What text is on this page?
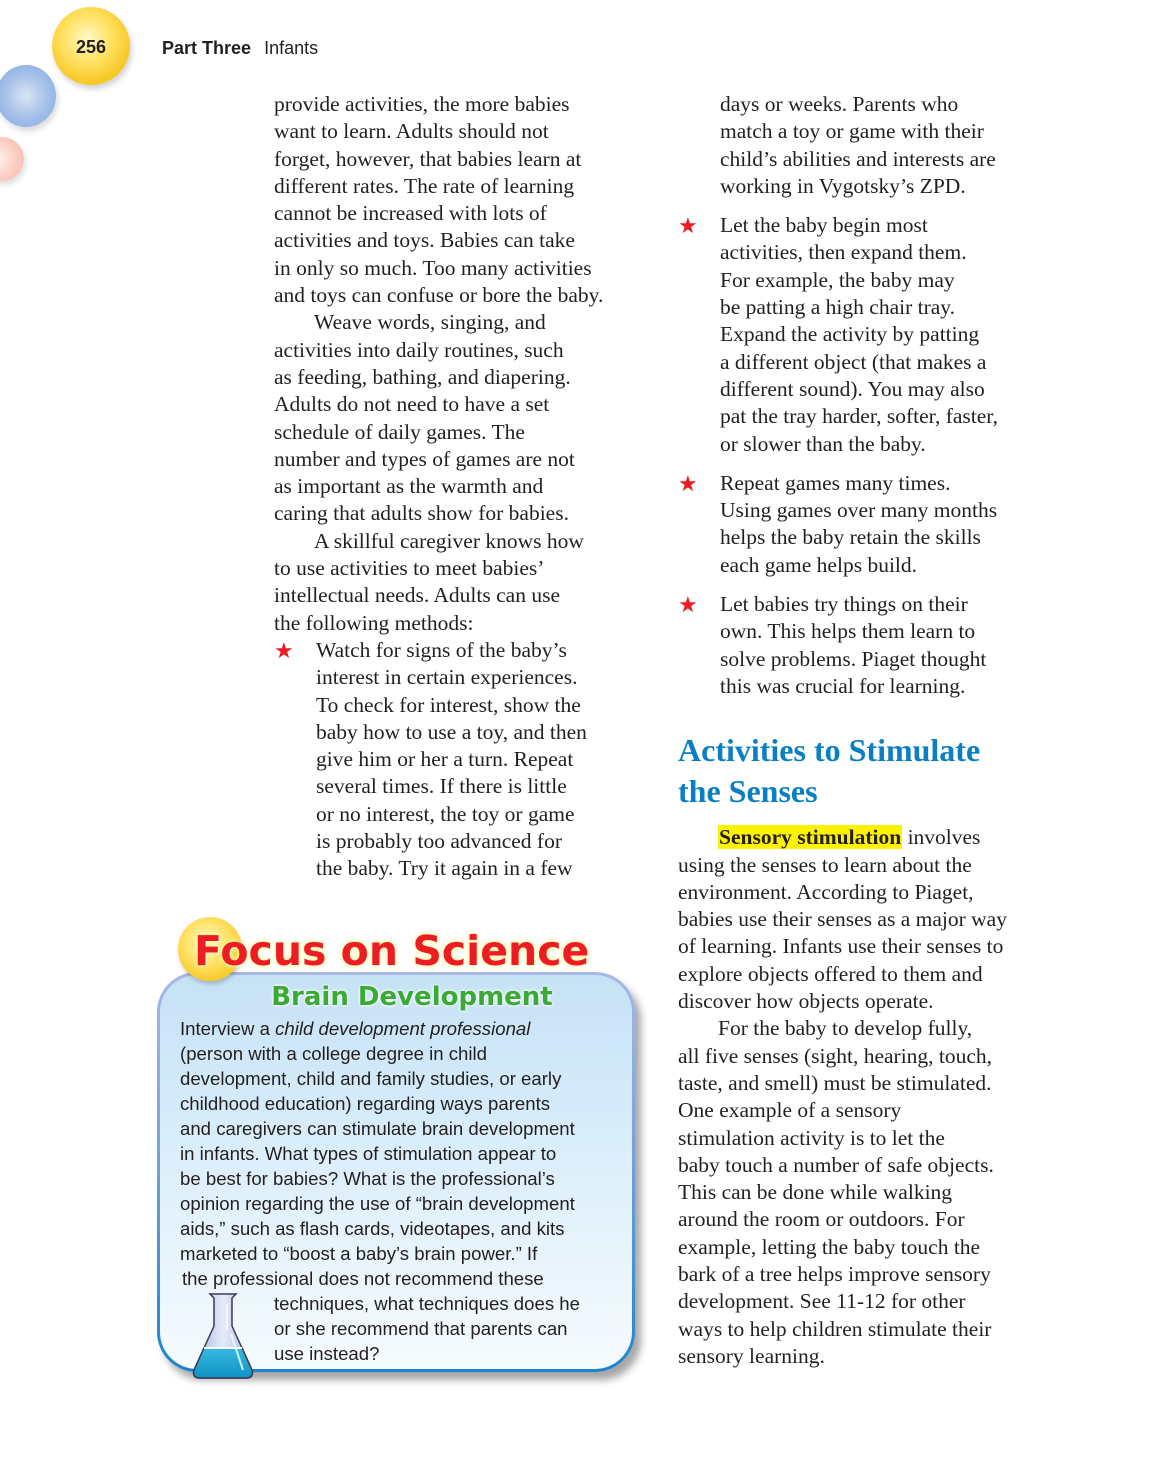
256	Part Three Infants

provide activities, the more babies
want to learn. Adults should not
forget, however, that babies learn at
different rates. The rate of learning
cannot be increased with lots of
activities and toys. Babies can take
in only so much. Too many activities
and toys can confuse or bore the baby.

Weave words, singing, and
activities into daily routines, such
as feeding, bathing, and diapering.
Adults do not need to have a set
schedule of daily games. The
number and types of games are not
as important as the warmth and
caring that adults show for babies.

A skillful caregiver knows how
to use activities to meet babies’
intellectual needs. Adults can use
the following methods:

★ Watch for signs of the baby’s
interest in certain experiences.
To check for interest, show the
baby how to use a toy, and then
give him or her a turn. Repeat
several times. If there is little
or no interest, the toy or game
is probably too advanced for
the baby. Try it again in a few
days or weeks. Parents who
match a toy or game with their
child’s abilities and interests are
working in Vygotsky’s ZPD.
★ Let the baby begin most
activities, then expand them.
For example, the baby may
be patting a high chair tray.
Expand the activity by patting
a different object (that makes a
different sound). You may also
pat the tray harder, softer, faster,
or slower than the baby.
★ Repeat games many times.
Using games over many months
helps the baby retain the skills
each game helps build.
★ Let babies try things on their
own. This helps them learn to
solve problems. Piaget thought
this was crucial for learning.
Activities to Stimulate
the Senses

Sensory stimulation involves
using the senses to learn about the
environment. According to Piaget,
babies use their senses as a major way
of learning. Infants use their senses to
explore objects offered to them and
discover how objects operate.

For the baby to develop fully,
all five senses (sight, hearing, touch,
taste, and smell) must be stimulated.
One example of a sensory
stimulation activity is to let the
baby touch a number of safe objects.
This can be done while walking
around the room or outdoors. For
example, letting the baby touch the
bark of a tree helps improve sensory
development. See 11-12 for other
ways to help children stimulate their
sensory learning.

Focus on Science
Brain Development
Interview a child development professional
(person with a college degree in child
development, child and family studies, or early
childhood education) regarding ways parents
and caregivers can stimulate brain development
in infants. What types of stimulation appear to
be best for babies? What is the professional’s
opinion regarding the use of “brain development
aids,” such as flash cards, videotapes, and kits
marketed to “boost a baby’s brain power.” If
the professional does not recommend these
techniques, what techniques does he
or she recommend that parents can
use instead?
